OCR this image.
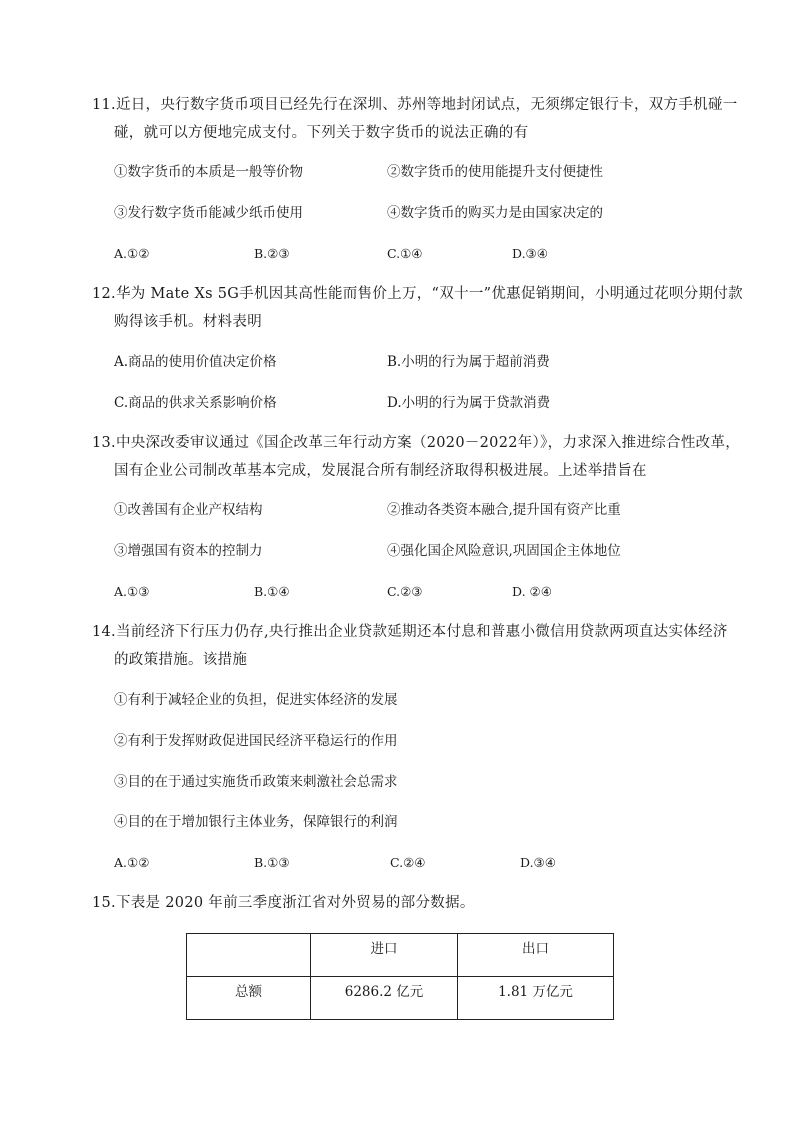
11.近日，央行数字货币项目已经先行在深圳、苏州等地封闭试点，无须绑定银行卡，双方手机碰一
碰，就可以方便地完成支付。下列关于数字货币的说法正确的有
①数字货币的本质是一般等价物	②数字货币的使用能提升支付便捷性
③发行数字货币能减少纸币使用	④数字货币的购买力是由国家决定的
A.①②	B.②③	C.①④	D.③④
12.华为 Mate Xs 5G手机因其高性能而售价上万，“双十一”优惠促销期间，小明通过花呗分期付款
购得该手机。材料表明
A.商品的使用价值决定价格	B.小明的行为属于超前消费
C.商品的供求关系影响价格	D.小明的行为属于贷款消费
13.中央深改委审议通过《国企改革三年行动方案（2020－2022年）》，力求深入推进综合性改革，
国有企业公司制改革基本完成，发展混合所有制经济取得积极进展。上述举措旨在
①改善国有企业产权结构	②推动各类资本融合,提升国有资产比重
③增强国有资本的控制力	④强化国企风险意识,巩固国企主体地位
A.①③	B.①④	C.②③	D. ②④
14.当前经济下行压力仍存,央行推出企业贷款延期还本付息和普惠小微信用贷款两项直达实体经济
的政策措施。该措施
①有利于减轻企业的负担，促进实体经济的发展
②有利于发挥财政促进国民经济平稳运行的作用
③目的在于通过实施货币政策来刺激社会总需求
④目的在于增加银行主体业务，保障银行的利润
A.①②	B.①③	C.②④	D.③④
15.下表是 2020 年前三季度浙江省对外贸易的部分数据。
	进口	出口
总额	6286.2 亿元	1.81 万亿元
